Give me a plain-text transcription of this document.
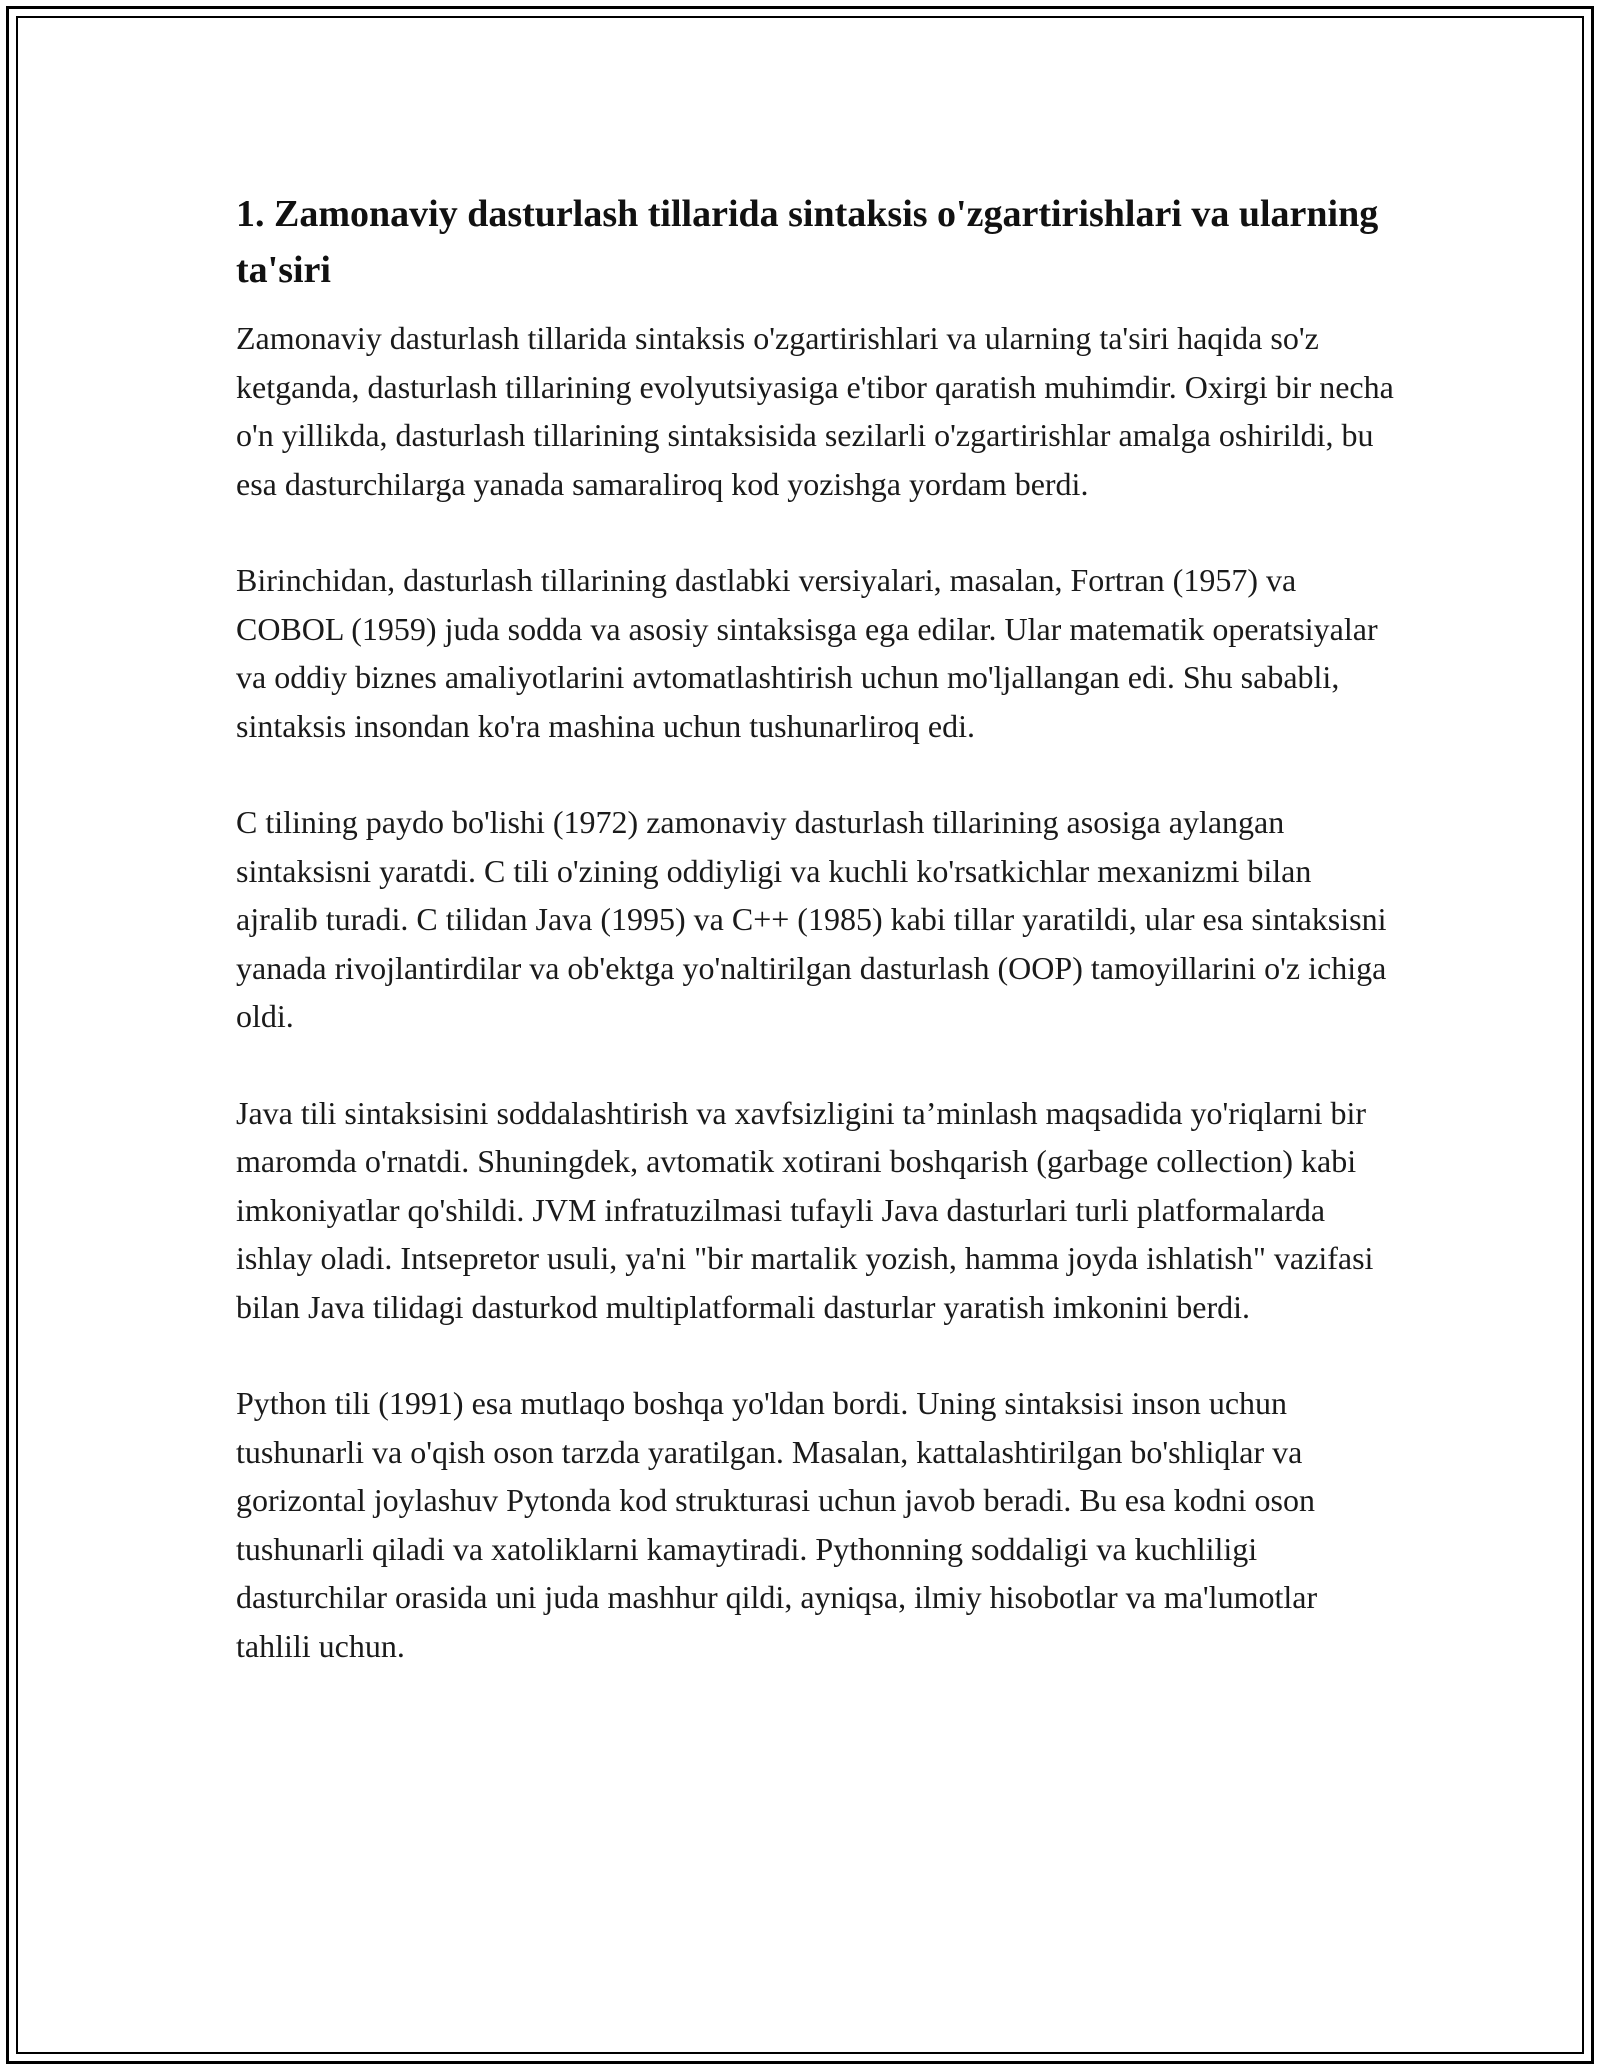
1. Zamonaviy dasturlash tillarida sintaksis o'zgartirishlari va ularning ta'siri

Zamonaviy dasturlash tillarida sintaksis o'zgartirishlari va ularning ta'siri haqida so'z ketganda, dasturlash tillarining evolyutsiyasiga e'tibor qaratish muhimdir. Oxirgi bir necha o'n yillikda, dasturlash tillarining sintaksisida sezilarli o'zgartirishlar amalga oshirildi, bu esa dasturchilarga yanada samaraliroq kod yozishga yordam berdi.

Birinchidan, dasturlash tillarining dastlabki versiyalari, masalan, Fortran (1957) va COBOL (1959) juda sodda va asosiy sintaksisga ega edilar. Ular matematik operatsiyalar va oddiy biznes amaliyotlarini avtomatlashtirish uchun mo'ljallangan edi. Shu sababli, sintaksis insondan ko'ra mashina uchun tushunarliroq edi.

C tilining paydo bo'lishi (1972) zamonaviy dasturlash tillarining asosiga aylangan sintaksisni yaratdi. C tili o'zining oddiyligi va kuchli ko'rsatkichlar mexanizmi bilan ajralib turadi. C tilidan Java (1995) va C++ (1985) kabi tillar yaratildi, ular esa sintaksisni yanada rivojlantirdilar va ob'ektga yo'naltirilgan dasturlash (OOP) tamoyillarini o'z ichiga oldi.

Java tili sintaksisini soddalashtirish va xavfsizligini ta’minlash maqsadida yo'riqlarni bir maromda o'rnatdi. Shuningdek, avtomatik xotirani boshqarish (garbage collection) kabi imkoniyatlar qo'shildi. JVM infratuzilmasi tufayli Java dasturlari turli platformalarda ishlay oladi. Intsepretor usuli, ya'ni "bir martalik yozish, hamma joyda ishlatish" vazifasi bilan Java tilidagi dasturkod multiplatformali dasturlar yaratish imkonini berdi.

Python tili (1991) esa mutlaqo boshqa yo'ldan bordi. Uning sintaksisi inson uchun tushunarli va o'qish oson tarzda yaratilgan. Masalan, kattalashtirilgan bo'shliqlar va gorizontal joylashuv Pytonda kod strukturasi uchun javob beradi. Bu esa kodni oson tushunarli qiladi va xatoliklarni kamaytiradi. Pythonning soddaligi va kuchliligi dasturchilar orasida uni juda mashhur qildi, ayniqsa, ilmiy hisobotlar va ma'lumotlar tahlili uchun.
